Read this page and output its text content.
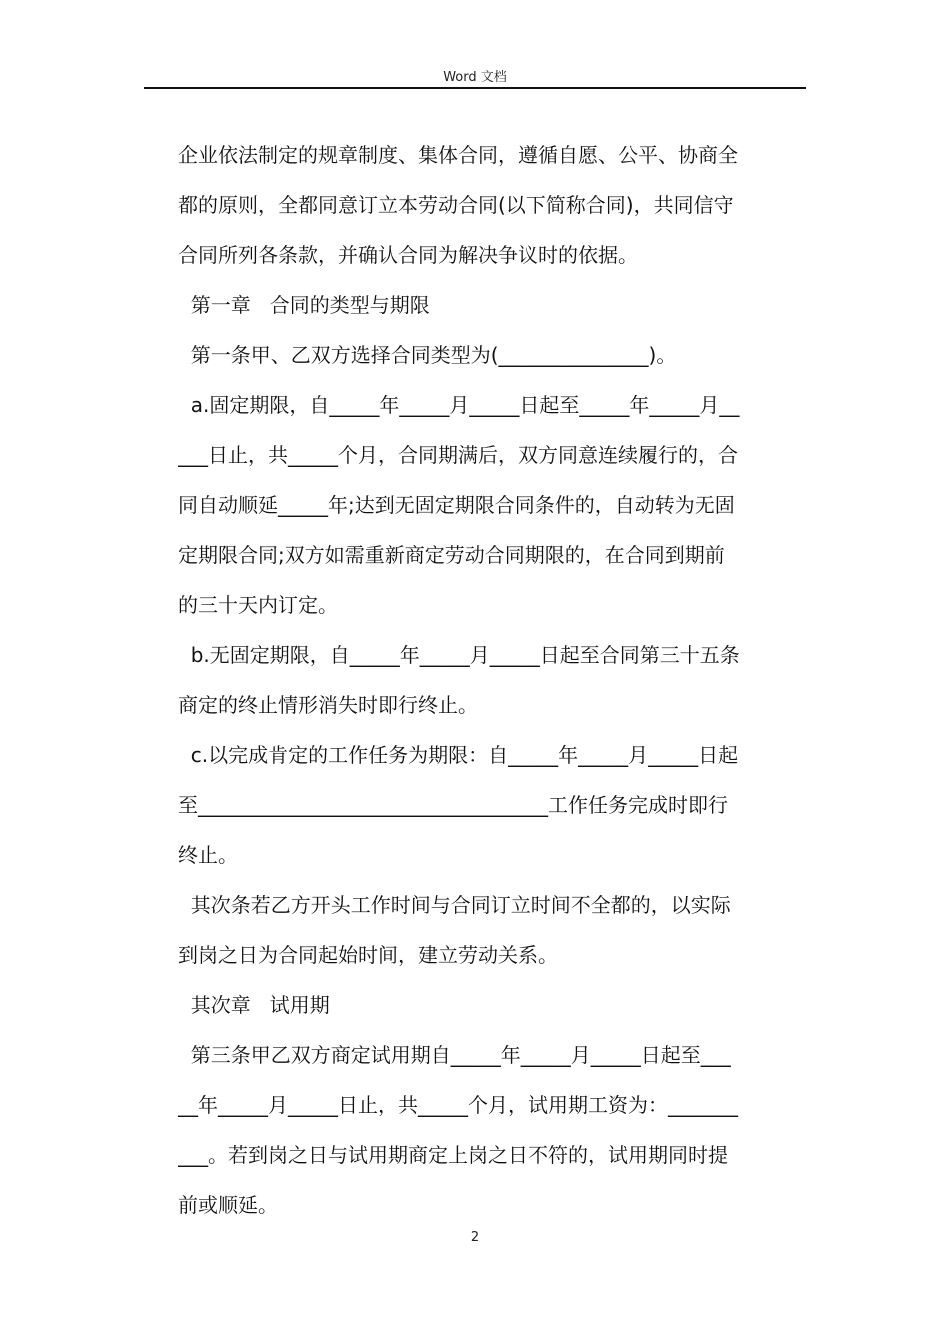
Word 文档
企业依法制定的规章制度、集体合同，遵循自愿、公平、协商全
都的原则，全都同意订立本劳动合同(以下简称合同)，共同信守
合同所列各条款，并确认合同为解决争议时的依据。
第一章   合同的类型与期限
第一条甲、乙双方选择合同类型为(_______________)。
a.固定期限，自_____年_____月_____日起至_____年_____月__
___日止，共_____个月，合同期满后，双方同意连续履行的，合
同自动顺延_____年;达到无固定期限合同条件的，自动转为无固
定期限合同;双方如需重新商定劳动合同期限的，在合同到期前
的三十天内订定。
b.无固定期限，自_____年_____月_____日起至合同第三十五条
商定的终止情形消失时即行终止。
c.以完成肯定的工作任务为期限：自_____年_____月_____日起
至___________________________________工作任务完成时即行
终止。
其次条若乙方开头工作时间与合同订立时间不全都的，以实际
到岗之日为合同起始时间，建立劳动关系。
其次章   试用期
第三条甲乙双方商定试用期自_____年_____月_____日起至___
__年_____月_____日止，共_____个月，试用期工资为：_______
___。若到岗之日与试用期商定上岗之日不符的，试用期同时提
前或顺延。
2
